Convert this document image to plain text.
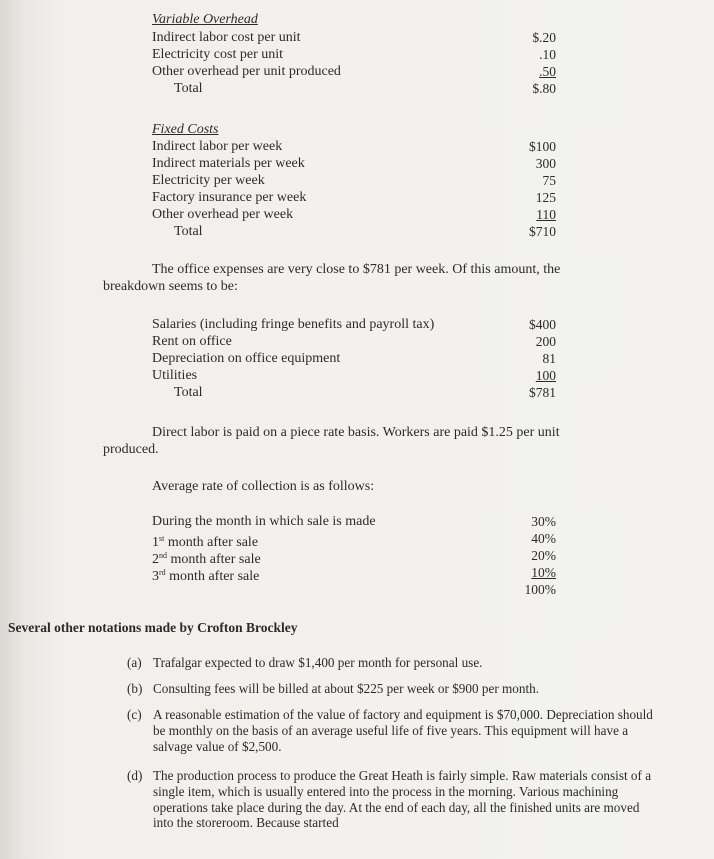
Variable Overhead
Indirect labor cost per unit	$.20
Electricity cost per unit	.10
Other overhead per unit produced	.50
Total	$.80
Fixed Costs
Indirect labor per week	$100
Indirect materials per week	300
Electricity per week	75
Factory insurance per week	125
Other overhead per week	110
Total	$710
The office expenses are very close to $781 per week. Of this amount, the
breakdown seems to be:
Salaries (including fringe benefits and payroll tax)	$400
Rent on office	200
Depreciation on office equipment	81
Utilities	100
Total	$781
Direct labor is paid on a piece rate basis. Workers are paid $1.25 per unit
produced.
Average rate of collection is as follows:
During the month in which sale is made	30%
1st month after sale	40%
2nd month after sale	20%
3rd month after sale	10%
100%
Several other notations made by Crofton Brockley
(a) Trafalgar expected to draw $1,400 per month for personal use.
(b) Consulting fees will be billed at about $225 per week or $900 per month.
(c) A reasonable estimation of the value of factory and equipment is $70,000. Depreciation should be monthly on the basis of an average useful life of five years. This equipment will have a salvage value of $2,500.
(d) The production process to produce the Great Heath is fairly simple. Raw materials consist of a single item, which is usually entered into the process in the morning. Various machining operations take place during the day. At the end of each day, all the finished units are moved into the storeroom. Because started
